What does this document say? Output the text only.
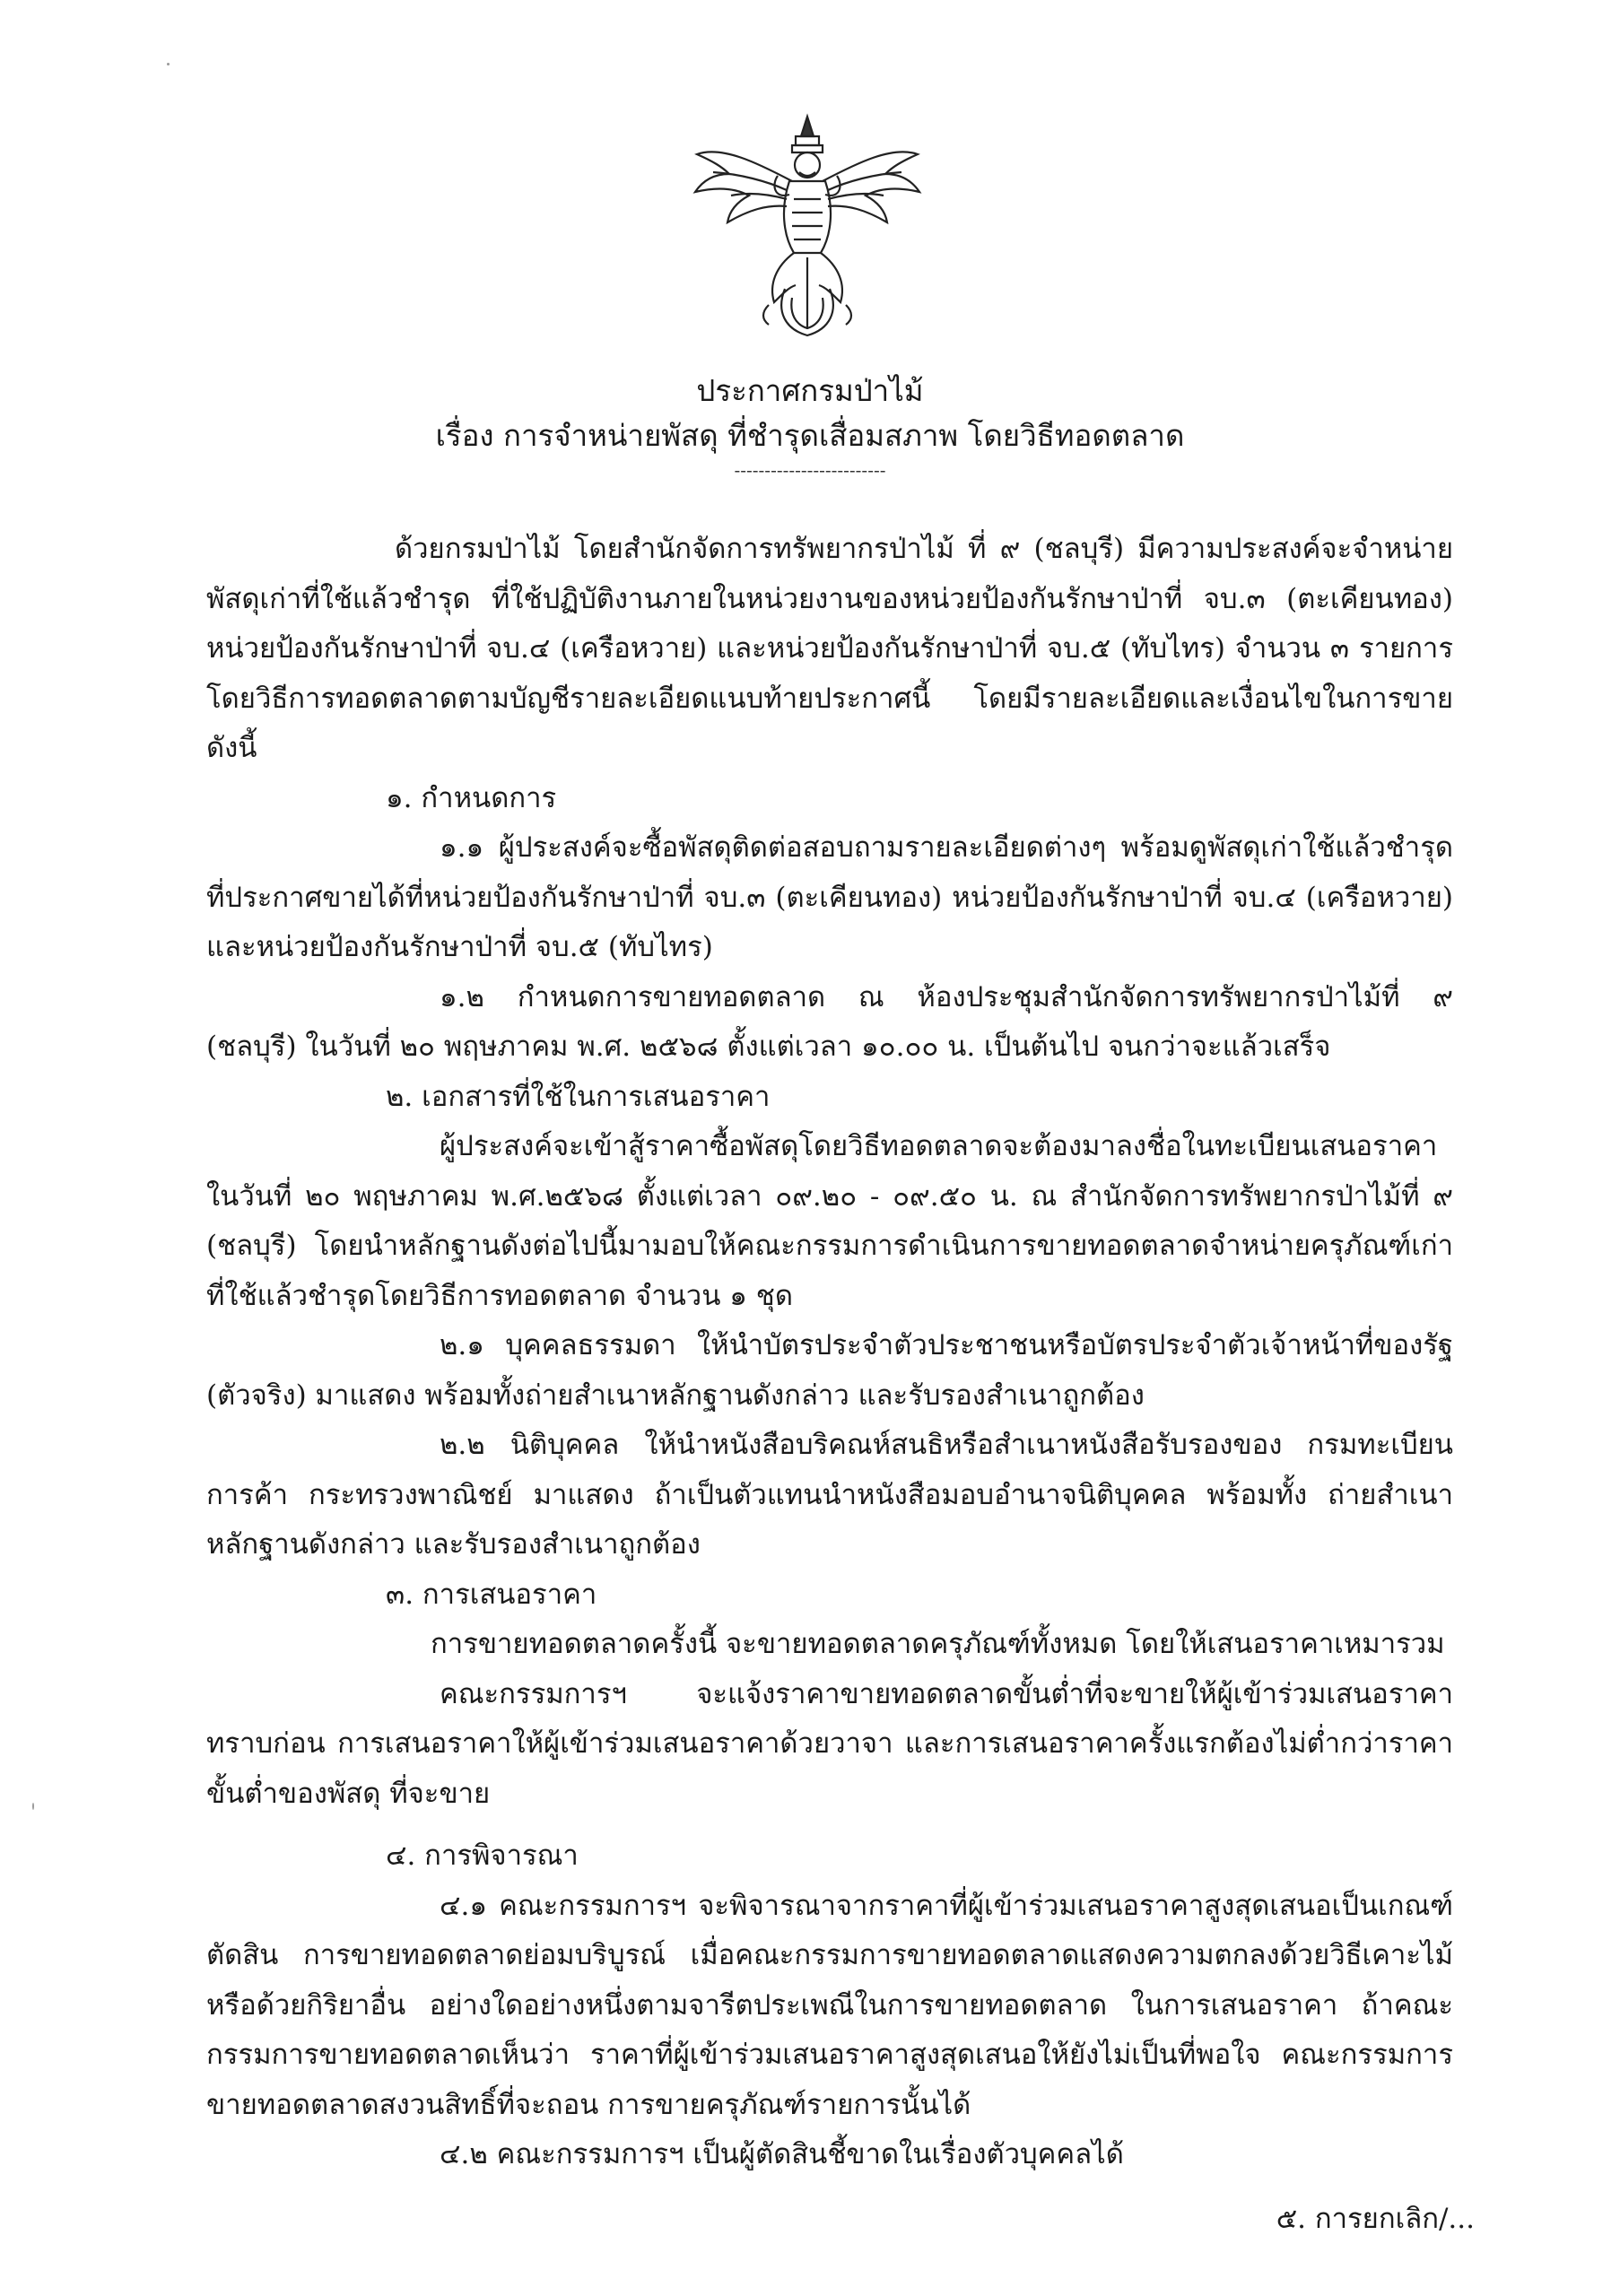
ประกาศกรมป่าไม้
เรื่อง การจำหน่ายพัสดุ ที่ชำรุดเสื่อมสภาพ โดยวิธีทอดตลาด
-------------------------

ด้วยกรมป่าไม้ โดยสำนักจัดการทรัพยากรป่าไม้ ที่ ๙ (ชลบุรี) มีความประสงค์จะจำหน่ายพัสดุเก่าที่ใช้แล้วชำรุด ที่ใช้ปฏิบัติงานภายในหน่วยงานของหน่วยป้องกันรักษาป่าที่ จบ.๓ (ตะเคียนทอง) หน่วยป้องกันรักษาป่าที่ จบ.๔ (เครือหวาย) และหน่วยป้องกันรักษาป่าที่ จบ.๕ (ทับไทร) จำนวน ๓ รายการ โดยวิธีการทอดตลาดตามบัญชีรายละเอียดแนบท้ายประกาศนี้ โดยมีรายละเอียดและเงื่อนไขในการขายดังนี้

๑. กำหนดการ

๑.๑ ผู้ประสงค์จะซื้อพัสดุติดต่อสอบถามรายละเอียดต่างๆ พร้อมดูพัสดุเก่าใช้แล้วชำรุด ที่ประกาศขายได้ที่หน่วยป้องกันรักษาป่าที่ จบ.๓ (ตะเคียนทอง) หน่วยป้องกันรักษาป่าที่ จบ.๔ (เครือหวาย) และหน่วยป้องกันรักษาป่าที่ จบ.๕ (ทับไทร)

๑.๒ กำหนดการขายทอดตลาด ณ ห้องประชุมสำนักจัดการทรัพยากรป่าไม้ที่ ๙ (ชลบุรี) ในวันที่ ๒๐ พฤษภาคม พ.ศ. ๒๕๖๘ ตั้งแต่เวลา ๑๐.๐๐ น. เป็นต้นไป จนกว่าจะแล้วเสร็จ

๒. เอกสารที่ใช้ในการเสนอราคา

ผู้ประสงค์จะเข้าสู้ราคาซื้อพัสดุโดยวิธีทอดตลาดจะต้องมาลงชื่อในทะเบียนเสนอราคา ในวันที่ ๒๐ พฤษภาคม พ.ศ.๒๕๖๘ ตั้งแต่เวลา ๐๙.๒๐ - ๐๙.๕๐ น. ณ สำนักจัดการทรัพยากรป่าไม้ที่ ๙ (ชลบุรี) โดยนำหลักฐานดังต่อไปนี้มามอบให้คณะกรรมการดำเนินการขายทอดตลาดจำหน่ายครุภัณฑ์เก่าที่ใช้แล้วชำรุดโดยวิธีการทอดตลาด จำนวน ๑ ชุด

๒.๑ บุคคลธรรมดา ให้นำบัตรประจำตัวประชาชนหรือบัตรประจำตัวเจ้าหน้าที่ของรัฐ (ตัวจริง) มาแสดง พร้อมทั้งถ่ายสำเนาหลักฐานดังกล่าว และรับรองสำเนาถูกต้อง

๒.๒ นิติบุคคล ให้นำหนังสือบริคณห์สนธิหรือสำเนาหนังสือรับรองของ กรมทะเบียน การค้า กระทรวงพาณิชย์ มาแสดง ถ้าเป็นตัวแทนนำหนังสือมอบอำนาจนิติบุคคล พร้อมทั้ง ถ่ายสำเนา หลักฐานดังกล่าว และรับรองสำเนาถูกต้อง

๓. การเสนอราคา

การขายทอดตลาดครั้งนี้ จะขายทอดตลาดครุภัณฑ์ทั้งหมด โดยให้เสนอราคาเหมารวม

คณะกรรมการฯ จะแจ้งราคาขายทอดตลาดขั้นต่ำที่จะขายให้ผู้เข้าร่วมเสนอราคาทราบก่อน การเสนอราคาให้ผู้เข้าร่วมเสนอราคาด้วยวาจา และการเสนอราคาครั้งแรกต้องไม่ต่ำกว่าราคาขั้นต่ำของพัสดุ ที่จะขาย

๔. การพิจารณา

๔.๑ คณะกรรมการฯ จะพิจารณาจากราคาที่ผู้เข้าร่วมเสนอราคาสูงสุดเสนอเป็นเกณฑ์ตัดสิน การขายทอดตลาดย่อมบริบูรณ์ เมื่อคณะกรรมการขายทอดตลาดแสดงความตกลงด้วยวิธีเคาะไม้หรือด้วยกิริยาอื่น อย่างใดอย่างหนึ่งตามจารีตประเพณีในการขายทอดตลาด ในการเสนอราคา ถ้าคณะกรรมการขายทอดตลาดเห็นว่า ราคาที่ผู้เข้าร่วมเสนอราคาสูงสุดเสนอให้ยังไม่เป็นที่พอใจ คณะกรรมการ ขายทอดตลาดสงวนสิทธิ์ที่จะถอน การขายครุภัณฑ์รายการนั้นได้

๔.๒ คณะกรรมการฯ เป็นผู้ตัดสินชี้ขาดในเรื่องตัวบุคคลได้

๕. การยกเลิก/...
